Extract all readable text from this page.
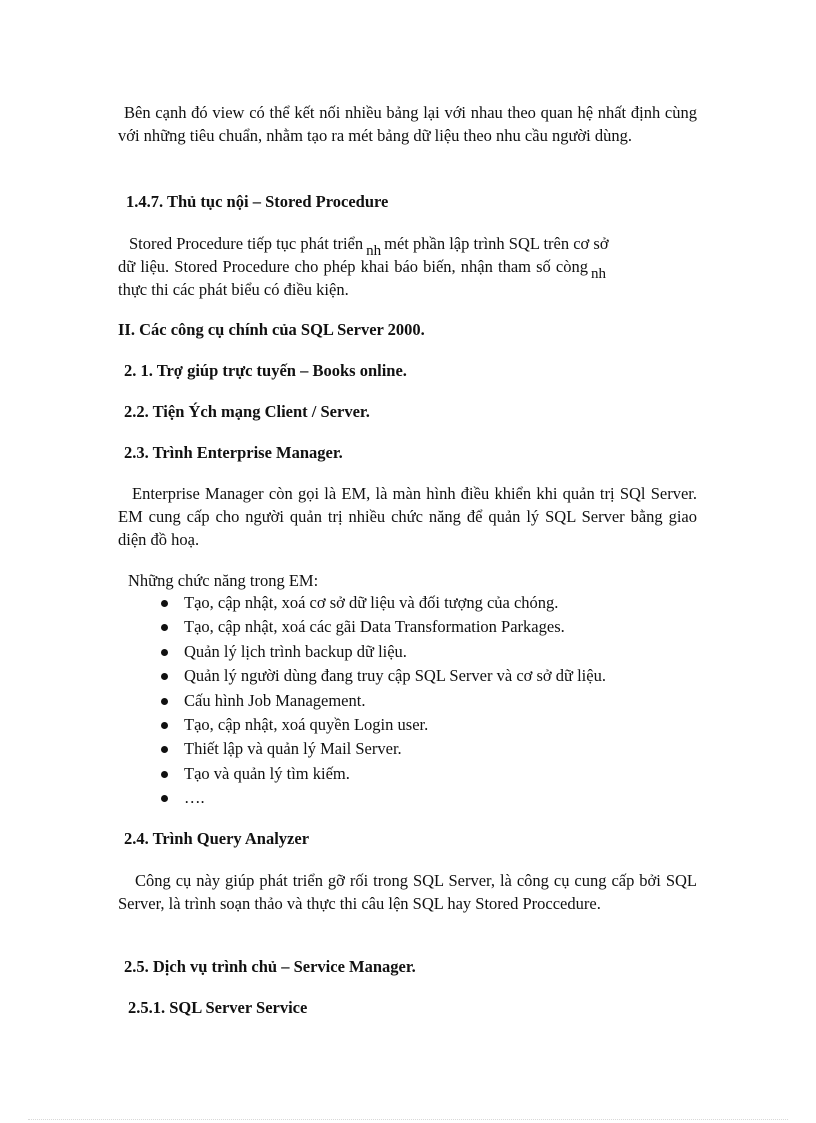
Bên cạnh đó view có thể kết nối nhiều bảng lại với nhau theo quan hệ nhất định cùng với những tiêu chuẩn, nhằm tạo ra mét bảng dữ liệu theo nhu cầu người dùng.

1.4.7. Thủ tục nội – Stored Procedure

Stored Procedure tiếp tục phát triển nh mét phần lập trình SQL trên cơ sở

dữ liệu. Stored Procedure cho phép khai báo biến, nhận tham số còng nh

thực thi các phát biểu có điều kiện.

II. Các công cụ chính của SQL Server 2000.

2. 1. Trợ giúp trực tuyến – Books online.

2.2. Tiện Ých mạng Client / Server.

2.3. Trình Enterprise Manager.

Enterprise Manager còn gọi là EM, là màn hình điều khiển khi quản trị SQl Server. EM cung cấp cho người quản trị nhiều chức năng để quản lý SQL Server bằng giao diện đồ hoạ.

Những chức năng trong EM:

Tạo, cập nhật, xoá cơ sở dữ liệu và đối tượng của chóng.
Tạo, cập nhật, xoá các gãi Data Transformation Parkages.
Quản lý lịch trình backup dữ liệu.
Quản lý người dùng đang truy cập SQL Server và cơ sở dữ liệu.
Cấu hình Job Management.
Tạo, cập nhật, xoá quyền Login user.
Thiết lập và quản lý Mail Server.
Tạo và quản lý tìm kiếm.
….

2.4. Trình Query Analyzer

Công cụ này giúp phát triển gỡ rối trong SQL Server, là công cụ cung cấp bởi SQL Server, là trình soạn thảo và thực thi câu lện SQL hay Stored Proccedure.

2.5. Dịch vụ trình chủ – Service Manager.

2.5.1. SQL Server Service
